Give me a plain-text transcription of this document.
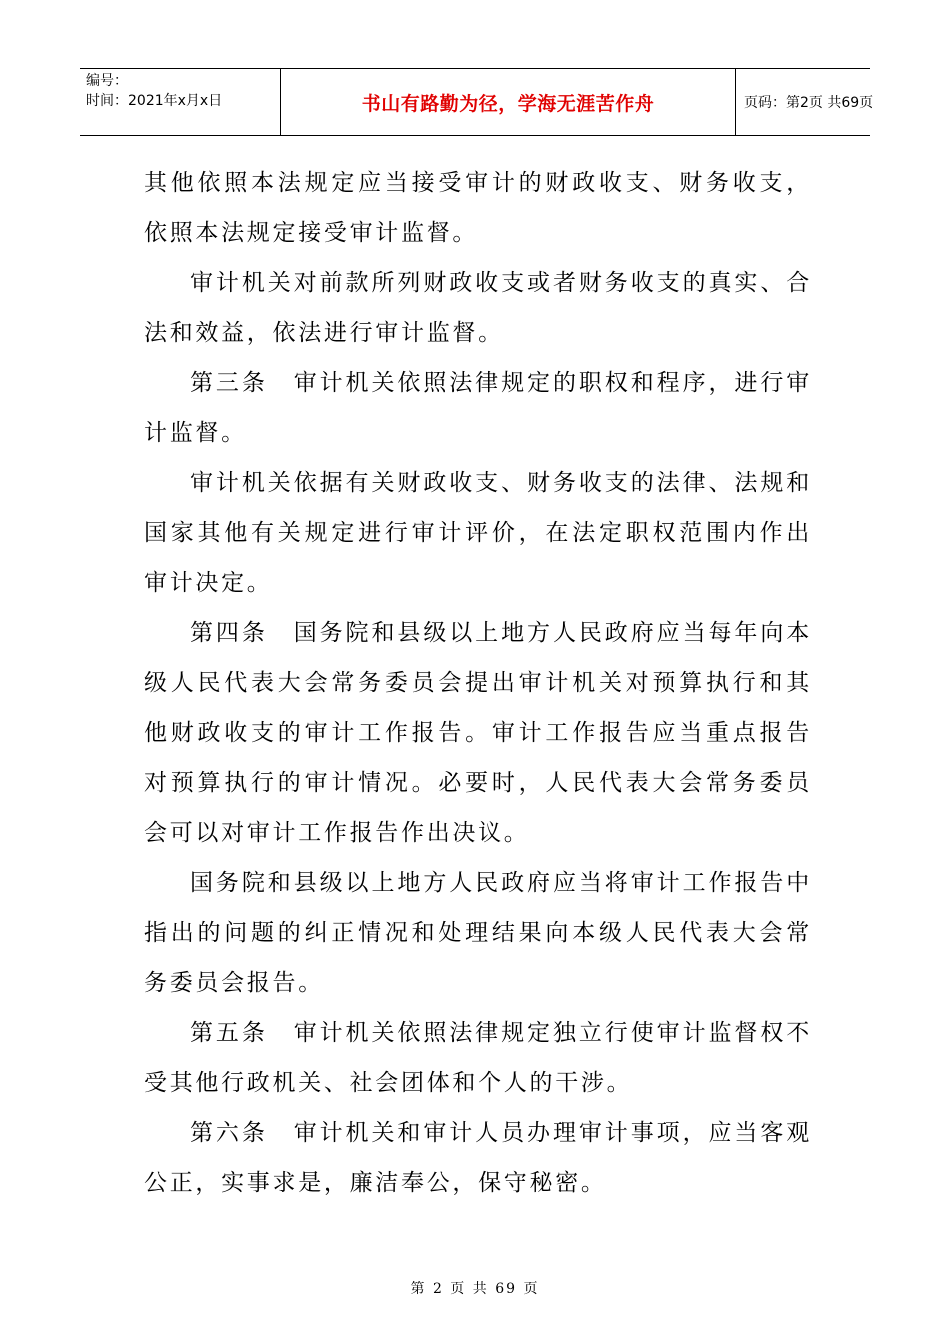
编号：
时间：2021年x月x日	书山有路勤为径，学海无涯苦作舟	页码：第2页 共69页

其他依照本法规定应当接受审计的财政收支、财务收支，依照本法规定接受审计监督。

审计机关对前款所列财政收支或者财务收支的真实、合法和效益，依法进行审计监督。

第三条　审计机关依照法律规定的职权和程序，进行审计监督。

审计机关依据有关财政收支、财务收支的法律、法规和国家其他有关规定进行审计评价，在法定职权范围内作出审计决定。

第四条　国务院和县级以上地方人民政府应当每年向本级人民代表大会常务委员会提出审计机关对预算执行和其他财政收支的审计工作报告。审计工作报告应当重点报告对预算执行的审计情况。必要时，人民代表大会常务委员会可以对审计工作报告作出决议。

国务院和县级以上地方人民政府应当将审计工作报告中指出的问题的纠正情况和处理结果向本级人民代表大会常务委员会报告。

第五条　审计机关依照法律规定独立行使审计监督权不受其他行政机关、社会团体和个人的干涉。

第六条　审计机关和审计人员办理审计事项，应当客观公正，实事求是，廉洁奉公，保守秘密。

第 2 页 共 69 页
